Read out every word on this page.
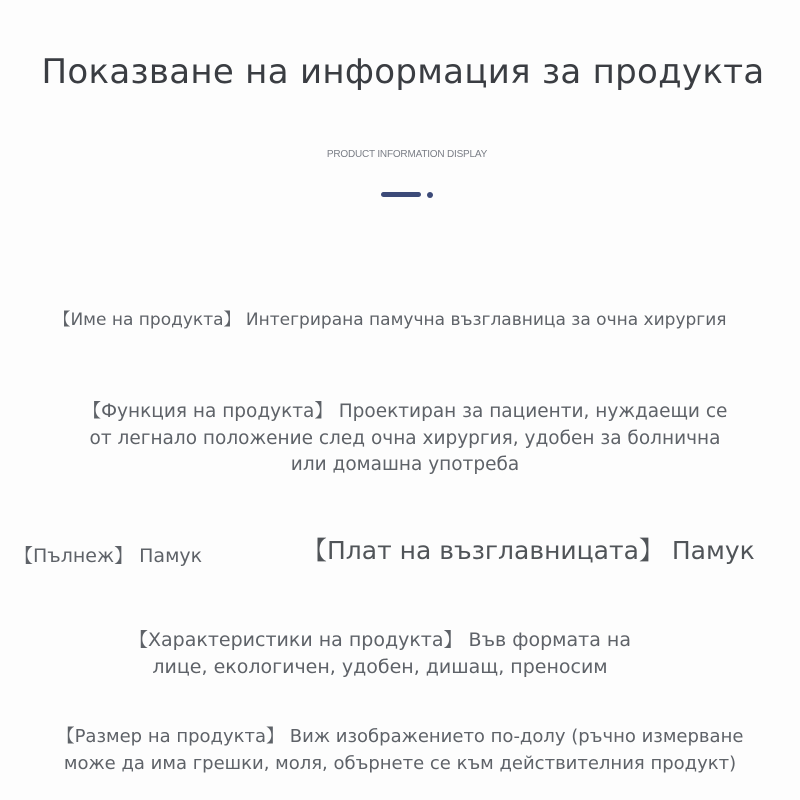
Показване на информация за продукта
PRODUCT INFORMATION DISPLAY
【Име на продукта】 Интегрирана памучна възглавница за очна хирургия
【Функция на продукта】 Проектиран за пациенти, нуждаещи се
от легнало положение след очна хирургия, удобен за болнична
или домашна употреба
【Пълнеж】 Памук	【Плат на възглавницата】 Памук
【Характеристики на продукта】 Във формата на
лице, екологичен, удобен, дишащ, преносим
【Размер на продукта】 Виж изображението по-долу (ръчно измерване
може да има грешки, моля, обърнете се към действителния продукт)
